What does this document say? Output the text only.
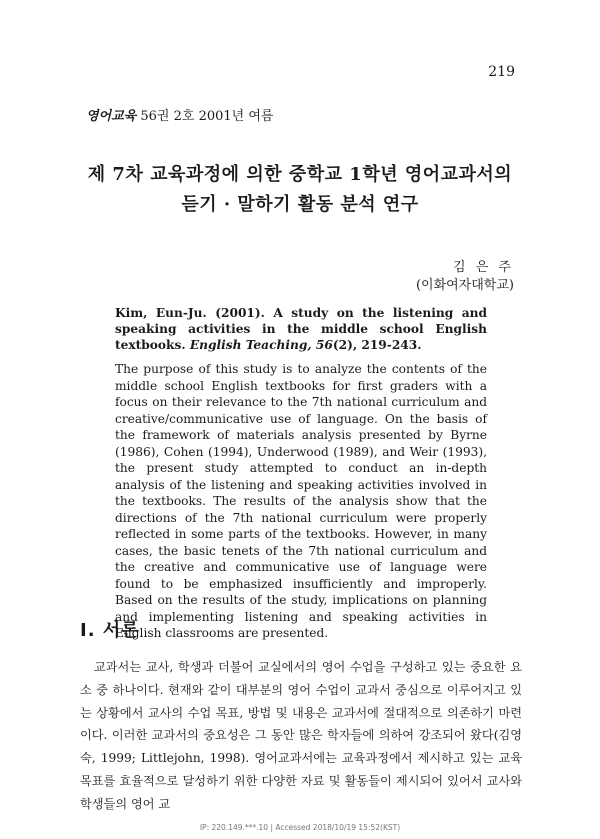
219
영어교육 56권 2호 2001년 여름
제 7차 교육과정에 의한 중학교 1학년 영어교과서의
듣기 · 말하기 활동 분석 연구
김 은 주
(이화여자대학교)
Kim, Eun-Ju. (2001). A study on the listening and speaking activities in the middle school English textbooks. English Teaching, 56(2), 219-243.
The purpose of this study is to analyze the contents of the middle school English textbooks for first graders with a focus on their relevance to the 7th national curriculum and creative/communicative use of language. On the basis of the framework of materials analysis presented by Byrne (1986), Cohen (1994), Underwood (1989), and Weir (1993), the present study attempted to conduct an in-depth analysis of the listening and speaking activities involved in the textbooks. The results of the analysis show that the directions of the 7th national curriculum were properly reflected in some parts of the textbooks. However, in many cases, the basic tenets of the 7th national curriculum and the creative and communicative use of language were found to be emphasized insufficiently and improperly. Based on the results of the study, implications on planning and implementing listening and speaking activities in English classrooms are presented.
I. 서론
교과서는 교사, 학생과 더불어 교실에서의 영어 수업을 구성하고 있는 중요한 요소 중 하나이다. 현재와 같이 대부분의 영어 수업이 교과서 중심으로 이루어지고 있는 상황에서 교사의 수업 목표, 방법 및 내용은 교과서에 절대적으로 의존하기 마련이다. 이러한 교과서의 중요성은 그 동안 많은 학자들에 의하여 강조되어 왔다(김영숙, 1999; Littlejohn, 1998). 영어교과서에는 교육과정에서 제시하고 있는 교육 목표를 효율적으로 달성하기 위한 다양한 자료 및 활동들이 제시되어 있어서 교사와 학생들의 영어 교
IP: 220.149.***.10 | Accessed 2018/10/19 15:52(KST)
